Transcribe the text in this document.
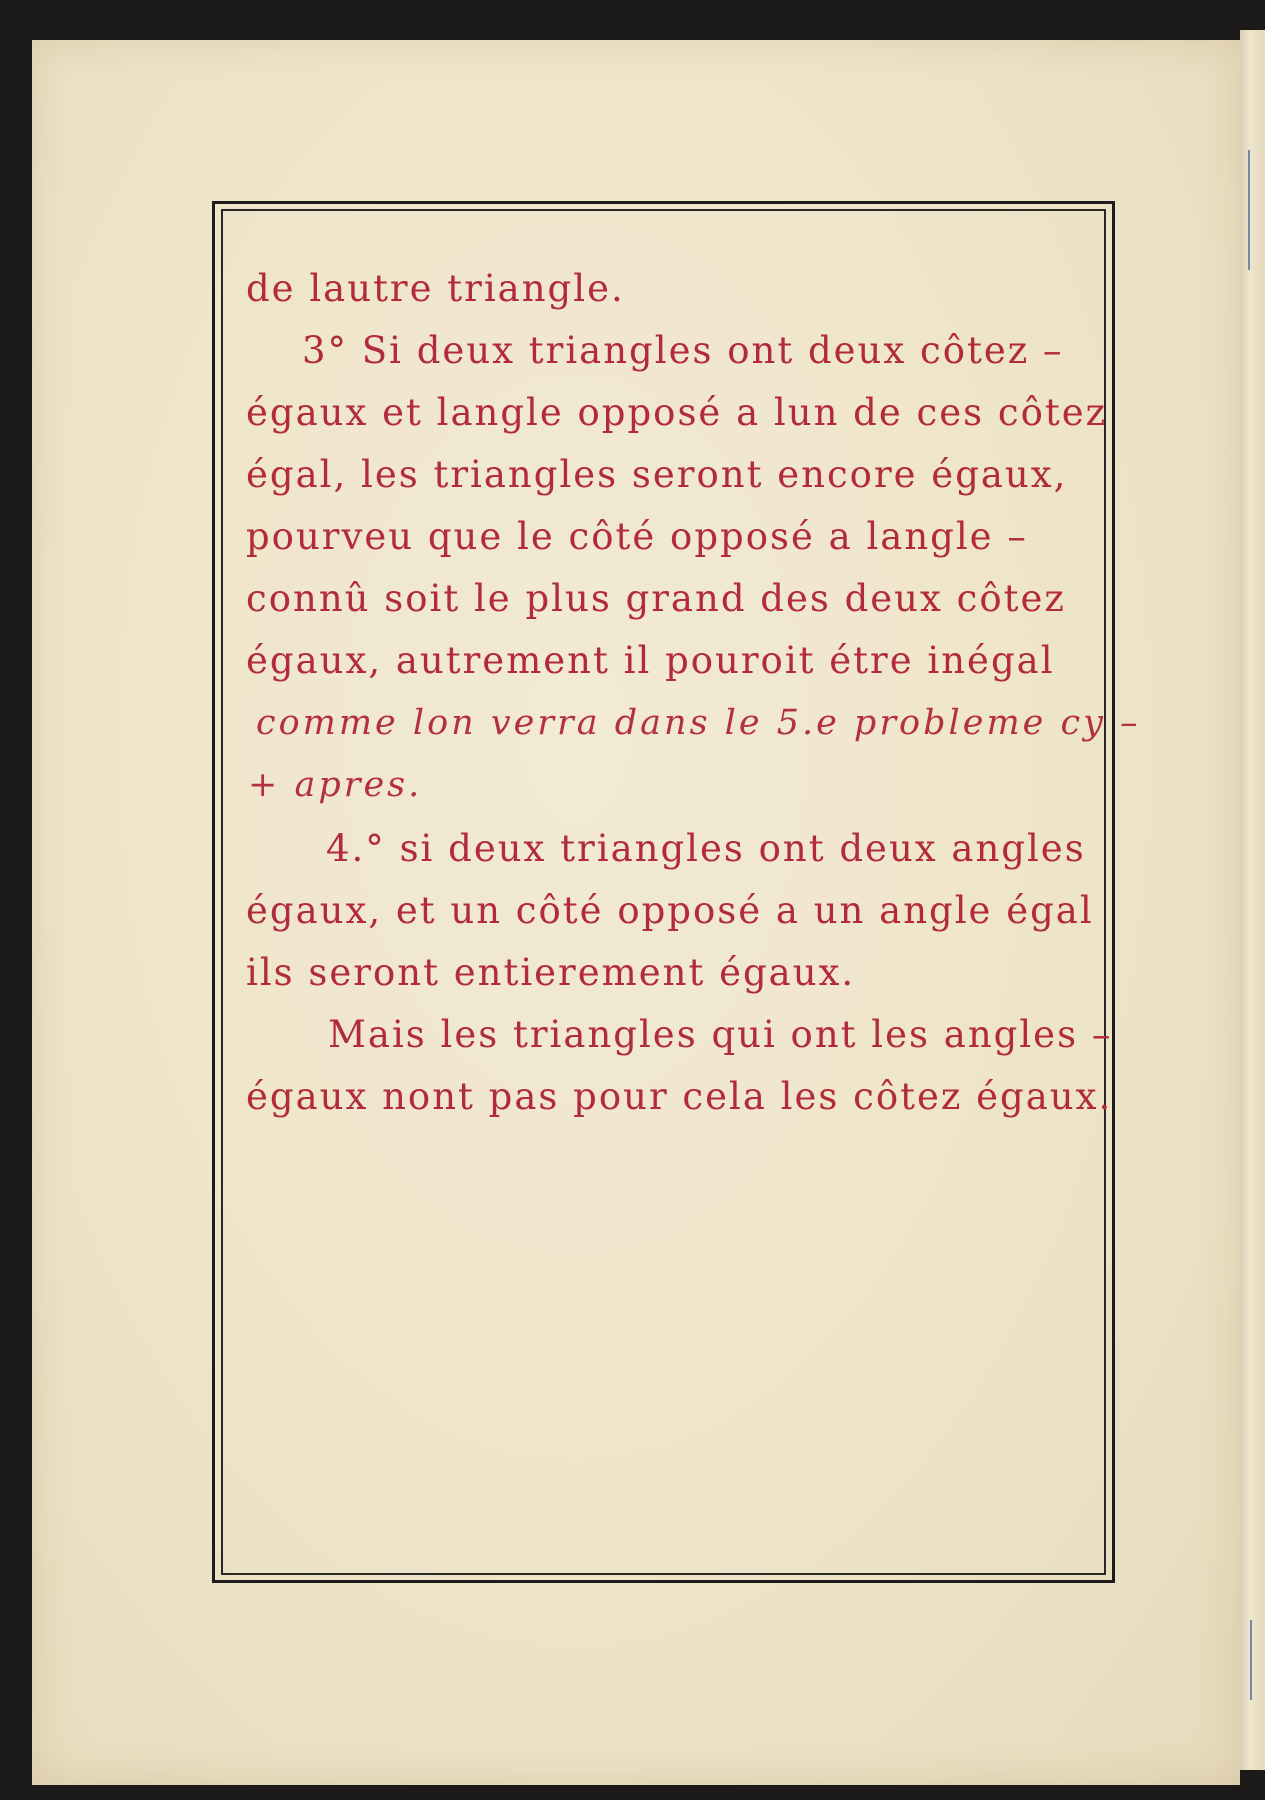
de lautre triangle.
3° Si deux triangles ont deux côtez –
égaux et langle opposé a lun de ces côtez
égal, les triangles seront encore égaux,
pourveu que le côté opposé a langle –
connû soit le plus grand des deux côtez
égaux, autrement il pouroit étre inégal
comme lon verra dans le 5.e probleme cy –
+ apres.
4.° si deux triangles ont deux angles
égaux, et un côté opposé a un angle égal
ils seront entierement égaux.
Mais les triangles qui ont les angles –
égaux nont pas pour cela les côtez égaux.
